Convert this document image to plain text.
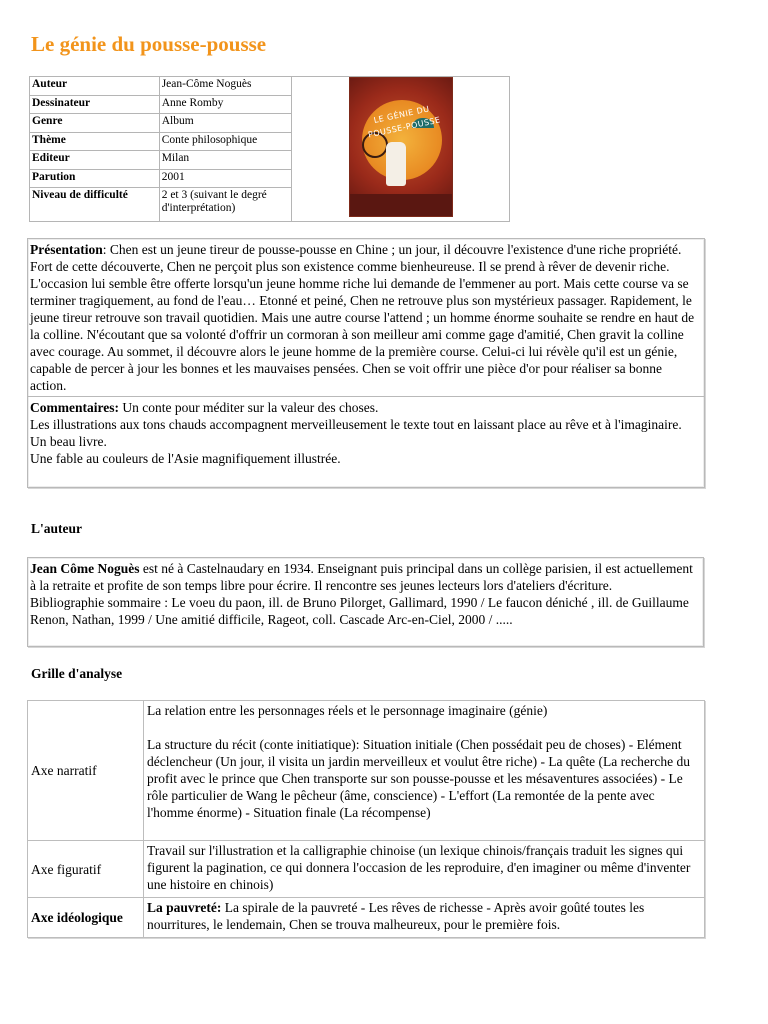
Le génie du pousse-pousse
Auteur	Jean-Côme Noguès	LE GÉNIE DU POUSSE-POUSSE

Dessinateur	Anne Romby	
Genre	Album	
Thème	Conte philosophique	
Editeur	Milan	
Parution	2001	
Niveau de difficulté	2 et 3 (suivant le degré d'interprétation)	
Présentation: Chen est un jeune tireur de pousse-pousse en Chine ; un jour, il découvre l'existence d'une riche propriété. Fort de cette découverte, Chen ne perçoit plus son existence comme bienheureuse. Il se prend à rêver de devenir riche. L'occasion lui semble être offerte lorsqu'un jeune homme riche lui demande de l'emmener au port. Mais cette course va se terminer tragiquement, au fond de l'eau… Etonné et peiné, Chen ne retrouve plus son mystérieux passager. Rapidement, le jeune tireur retrouve son travail quotidien. Mais une autre course l'attend ; un homme énorme souhaite se rendre en haut de la colline. N'écoutant que sa volonté d'offrir un cormoran à son meilleur ami comme gage d'amitié, Chen gravit la colline avec courage. Au sommet, il découvre alors le jeune homme de la première course. Celui-ci lui révèle qu'il est un génie, capable de percer à jour les bonnes et les mauvaises pensées. Chen se voit offrir une pièce d'or pour réaliser sa bonne action.
Commentaires: Un conte pour méditer sur la valeur des choses.
Les illustrations aux tons chauds accompagnent merveilleusement le texte tout en laissant place au rêve et à l'imaginaire. Un beau livre.
Une fable au couleurs de l'Asie magnifiquement illustrée.
L'auteur
Jean Côme Noguès est né à Castelnaudary en 1934. Enseignant puis principal dans un collège parisien, il est actuellement à la retraite et profite de son temps libre pour écrire. Il rencontre ses jeunes lecteurs lors d'ateliers d'écriture.
Bibliographie sommaire : Le voeu du paon, ill. de Bruno Pilorget, Gallimard, 1990 / Le faucon déniché , ill. de Guillaume Renon, Nathan, 1999 / Une amitié difficile, Rageot, coll. Cascade Arc-en-Ciel, 2000 / .....
Grille d'analyse
Axe narratif	La relation entre les personnages réels et le personnage imaginaire (génie)

La structure du récit (conte initiatique): Situation initiale (Chen possédait peu de choses) - Elément déclencheur (Un jour, il visita un jardin merveilleux et voulut être riche) - La quête (La recherche du profit avec le prince que Chen transporte sur son pousse-pousse et les mésaventures associées) - Le rôle particulier de Wang le pêcheur (âme, conscience) - L'effort (La remontée de la pente avec l'homme énorme) - Situation finale (La récompense)
Axe figuratif	Travail sur l'illustration et la calligraphie chinoise (un lexique chinois/français traduit les signes qui figurent la pagination, ce qui donnera l'occasion de les reproduire, d'en imaginer ou même d'inventer une histoire en chinois)
Axe idéologique	La pauvreté: La spirale de la pauvreté - Les rêves de richesse - Après avoir goûté toutes les nourritures, le lendemain, Chen se trouva malheureux, pour le première fois.
